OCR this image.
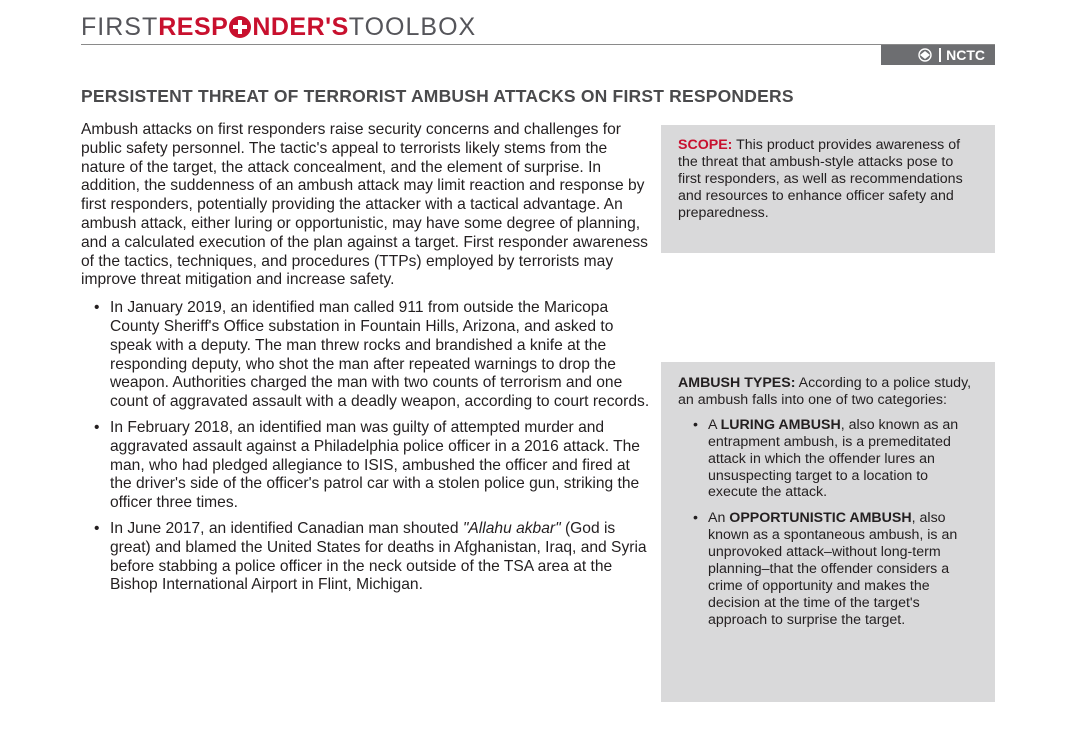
FIRSTRESP NDER'STOOLBOX
NCTC
PERSISTENT THREAT OF TERRORIST AMBUSH ATTACKS ON FIRST RESPONDERS

Ambush attacks on first responders raise security concerns and challenges for public safety personnel. The tactic's appeal to terrorists likely stems from the nature of the target, the attack concealment, and the element of surprise. In addition, the suddenness of an ambush attack may limit reaction and response by first responders, potentially providing the attacker with a tactical advantage. An ambush attack, either luring or opportunistic, may have some degree of planning, and a calculated execution of the plan against a target. First responder awareness of the tactics, techniques, and procedures (TTPs) employed by terrorists may improve threat mitigation and increase safety.

• In January 2019, an identified man called 911 from outside the Maricopa County Sheriff's Office substation in Fountain Hills, Arizona, and asked to speak with a deputy. The man threw rocks and brandished a knife at the responding deputy, who shot the man after repeated warnings to drop the weapon. Authorities charged the man with two counts of terrorism and one count of aggravated assault with a deadly weapon, according to court records.
• In February 2018, an identified man was guilty of attempted murder and aggravated assault against a Philadelphia police officer in a 2016 attack. The man, who had pledged allegiance to ISIS, ambushed the officer and fired at the driver's side of the officer's patrol car with a stolen police gun, striking the officer three times.
• In June 2017, an identified Canadian man shouted "Allahu akbar" (God is great) and blamed the United States for deaths in Afghanistan, Iraq, and Syria before stabbing a police officer in the neck outside of the TSA area at the Bishop International Airport in Flint, Michigan.
SCOPE: This product provides awareness of the threat that ambush-style attacks pose to first responders, as well as recommendations and resources to enhance officer safety and preparedness.
AMBUSH TYPES: According to a police study, an ambush falls into one of two categories:
• A LURING AMBUSH, also known as an entrapment ambush, is a premeditated attack in which the offender lures an unsuspecting target to a location to execute the attack.
• An OPPORTUNISTIC AMBUSH, also known as a spontaneous ambush, is an unprovoked attack–without long-term planning–that the offender considers a crime of opportunity and makes the decision at the time of the target's approach to surprise the target.
